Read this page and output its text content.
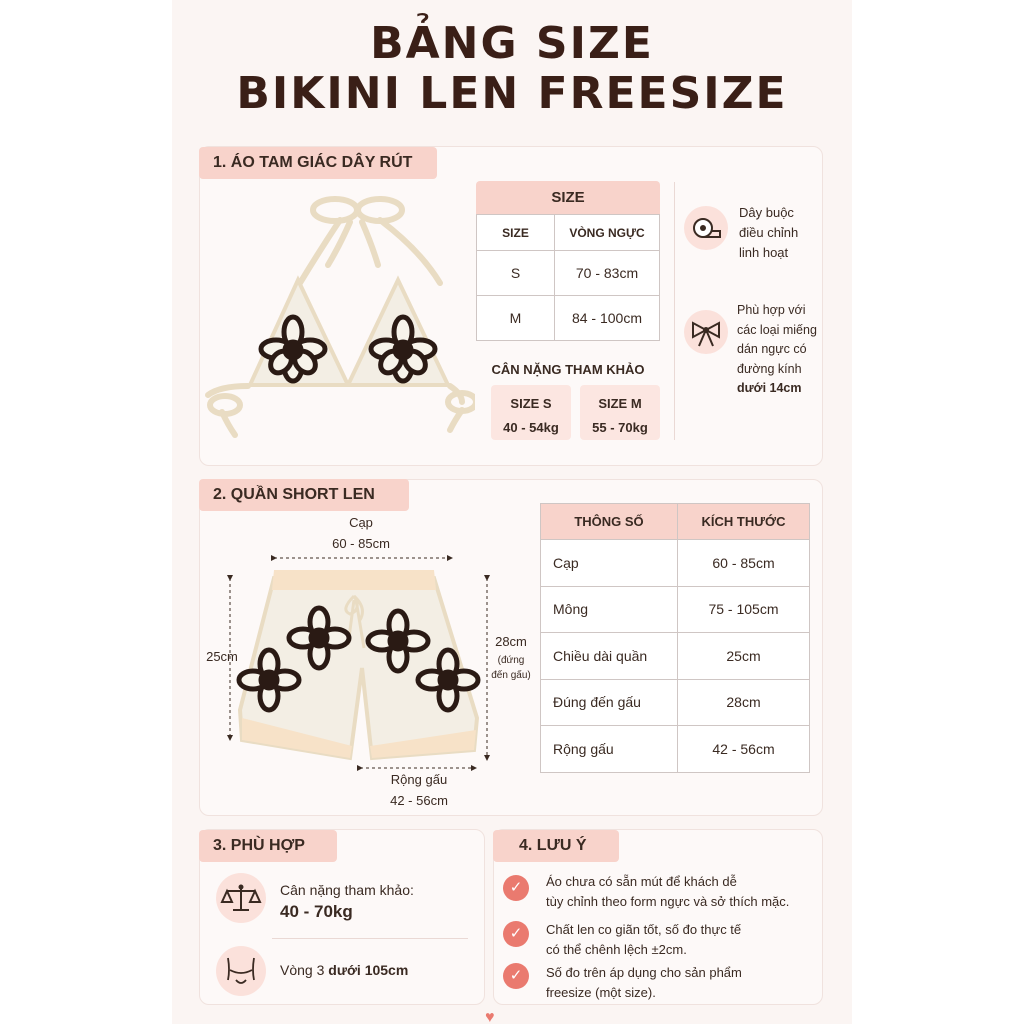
BẢNG SIZE
BIKINI LEN FREESIZE
1. ÁO TAM GIÁC DÂY RÚT
SIZE
SIZE	VÒNG NGỰC
S	70 - 83cm
M	84 - 100cm
CÂN NẶNG THAM KHẢO
SIZE S
40 - 54kg
SIZE M
55 - 70kg
Dây buộc
điều chỉnh
linh hoạt
Phù hợp với
các loại miếng
dán ngực có
đường kính
dưới 14cm
2. QUẦN SHORT LEN
Cạp
60 - 85cm
25cm
28cm
(đứng
đến gấu)
Rộng gấu
42 - 56cm
THÔNG SỐ	KÍCH THƯỚC
Cạp	60 - 85cm
Mông	75 - 105cm
Chiều dài quần	25cm
Đúng đến gấu	28cm
Rộng gấu	42 - 56cm
3. PHÙ HỢP
Cân nặng tham khảo:
40 - 70kg
Vòng 3 dưới 105cm
4. LƯU Ý
✓	Áo chưa có sẵn mút để khách dễ
tùy chỉnh theo form ngực và sở thích mặc.
✓	Chất len co giãn tốt, số đo thực tế
có thể chênh lệch ±2cm.
✓	Số đo trên áp dụng cho sản phẩm
freesize (một size).
♥
